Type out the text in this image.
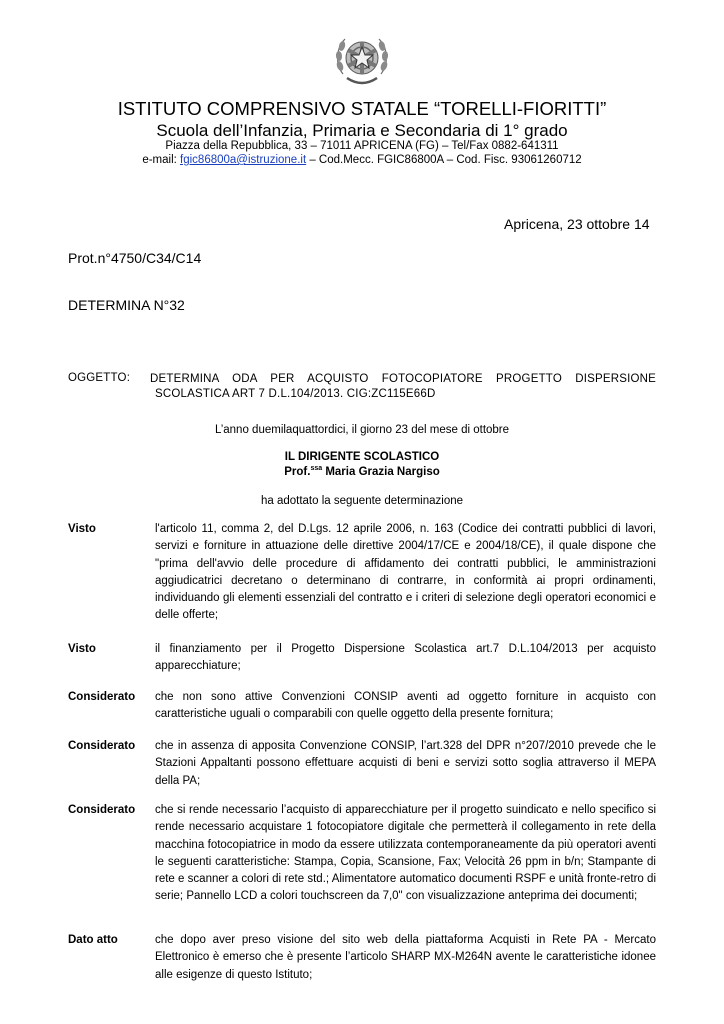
ISTITUTO COMPRENSIVO STATALE “TORELLI-FIORITTI”
Scuola dell’Infanzia, Primaria e Secondaria di 1° grado
Piazza della Repubblica, 33 – 71011 APRICENA (FG) – Tel/Fax 0882-641311
e-mail: fgic86800a@istruzione.it – Cod.Mecc. FGIC86800A – Cod. Fisc. 93061260712
Apricena, 23 ottobre 14
Prot.n°4750/C34/C14
DETERMINA N°32
OGGETTO: DETERMINA ODA PER ACQUISTO FOTOCOPIATORE PROGETTO DISPERSIONE
SCOLASTICA ART 7 D.L.104/2013. CIG:ZC115E66D
L’anno duemilaquattordici, il giorno 23 del mese di ottobre
IL DIRIGENTE SCOLASTICO
Prof.$^{ssa}$ Maria Grazia Nargiso
ha adottato la seguente determinazione
Visto	l'articolo 11, comma 2, del D.Lgs. 12 aprile 2006, n. 163 (Codice dei contratti pubblici di lavori, servizi e forniture in attuazione delle direttive 2004/17/CE e 2004/18/CE), il quale dispone che "prima dell'avvio delle procedure di affidamento dei contratti pubblici, le amministrazioni aggiudicatrici decretano o determinano di contrarre, in conformità ai propri ordinamenti, individuando gli elementi essenziali del contratto e i criteri di selezione degli operatori economici e delle offerte;
Visto	il finanziamento per il Progetto Dispersione Scolastica art.7 D.L.104/2013 per acquisto apparecchiature;
Considerato che non sono attive Convenzioni CONSIP aventi ad oggetto forniture in acquisto con caratteristiche uguali o comparabili con quelle oggetto della presente fornitura;
Considerato che in assenza di apposita Convenzione CONSIP, l’art.328 del DPR n°207/2010 prevede che le Stazioni Appaltanti possono effettuare acquisti di beni e servizi sotto soglia attraverso il MEPA della PA;
Considerato che si rende necessario l’acquisto di apparecchiature per il progetto suindicato e nello specifico si rende necessario acquistare 1 fotocopiatore digitale che permetterà il collegamento in rete della macchina fotocopiatrice in modo da essere utilizzata contemporaneamente da più operatori aventi le seguenti caratteristiche: Stampa, Copia, Scansione, Fax; Velocità 26 ppm in b/n; Stampante di rete e scanner a colori di rete std.; Alimentatore automatico documenti RSPF e unità fronte-retro di serie; Pannello LCD a colori touchscreen da 7,0" con visualizzazione anteprima dei documenti;
Dato atto	che dopo aver preso visione del sito web della piattaforma Acquisti in Rete PA - Mercato Elettronico è emerso che è presente l’articolo SHARP MX-M264N avente le caratteristiche idonee alle esigenze di questo Istituto;
